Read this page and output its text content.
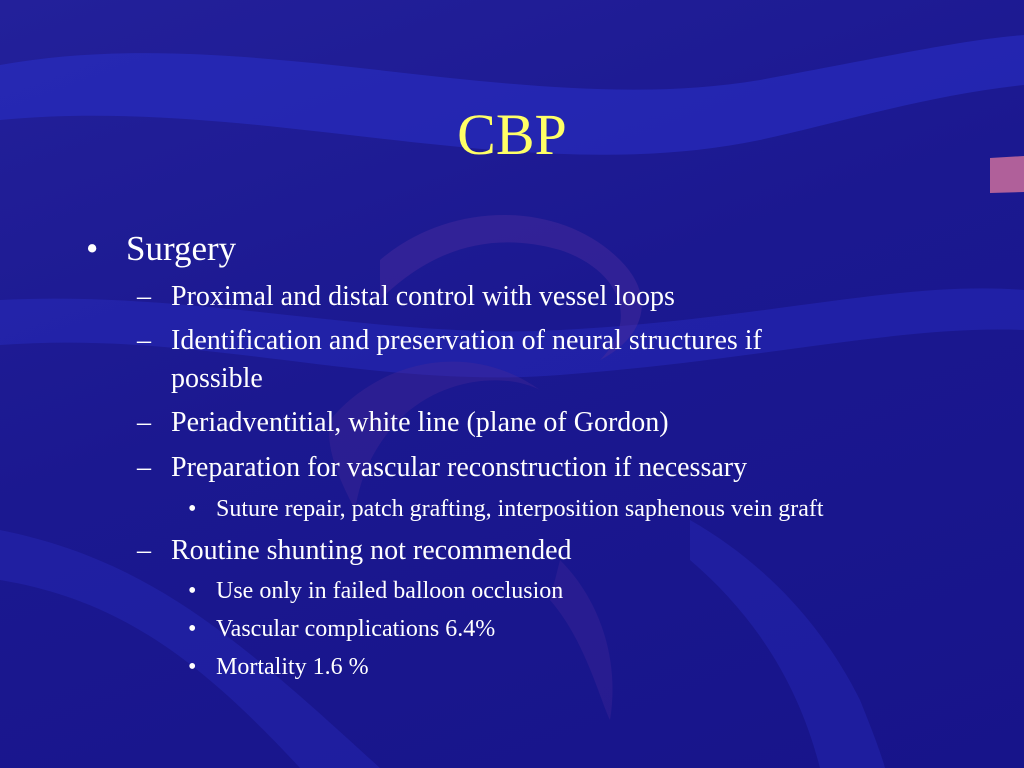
CBP
• Surgery
– Proximal and distal control with vessel loops
– Identification and preservation of neural structures if
possible
– Periadventitial, white line (plane of Gordon)
– Preparation for vascular reconstruction if necessary
• Suture repair, patch grafting, interposition saphenous vein graft
– Routine shunting not recommended
• Use only in failed balloon occlusion
• Vascular complications 6.4%
• Mortality 1.6 %
